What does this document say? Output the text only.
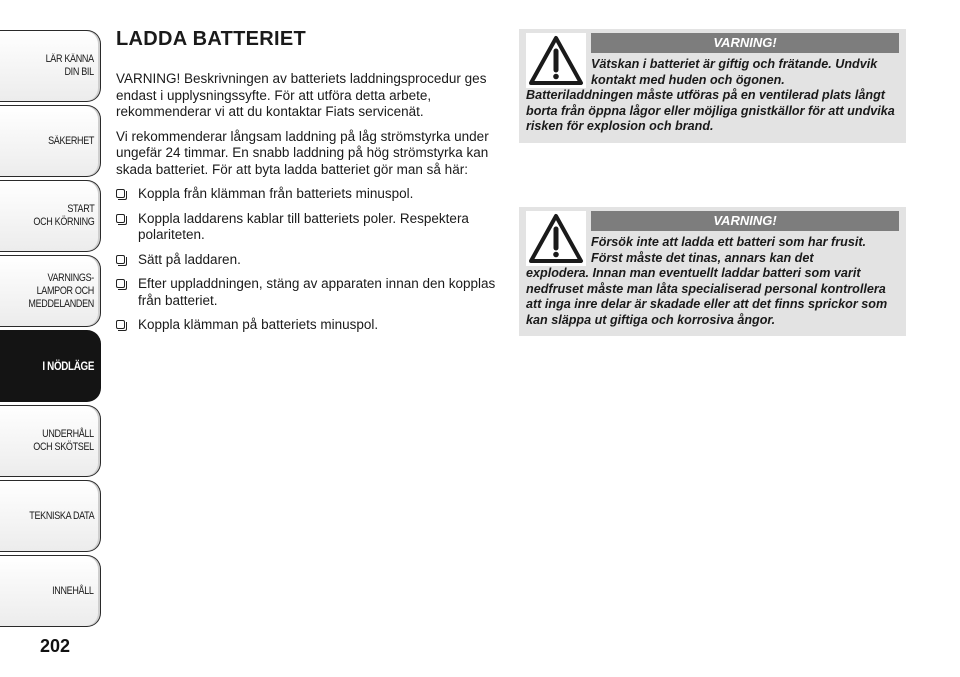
LÄR KÄNNA
DIN BIL
SÄKERHET
START
OCH KÖRNING
VARNINGS-
LAMPOR OCH
MEDDELANDEN
I NÖDLÄGE
UNDERHÅLL
OCH SKÖTSEL
TEKNISKA DATA
INNEHÅLL
202
LADDA BATTERIET

VARNING! Beskrivningen av batteriets laddningsprocedur ges endast i upplysningssyfte. För att utföra detta arbete, rekommenderar vi att du kontaktar Fiats servicenät.

Vi rekommenderar långsam laddning på låg strömstyrka under ungefär 24 timmar. En snabb laddning på hög strömstyrka kan skada batteriet. För att byta ladda batteriet gör man så här:

Koppla från klämman från batteriets minuspol.
Koppla laddarens kablar till batteriets poler. Respektera polariteten.
Sätt på laddaren.
Efter uppladdningen, stäng av apparaten innan den kopplas från batteriet.
Koppla klämman på batteriets minuspol.
VARNING!

Vätskan i batteriet är giftig och frätande. Undvik kontakt med huden och ögonen.
Batteriladdningen måste utföras på en ventilerad plats långt borta från öppna lågor eller möjliga gnistkällor för att undvika risken för explosion och brand.

VARNING!

Försök inte att ladda ett batteri som har frusit. Först måste det tinas, annars kan det
explodera. Innan man eventuellt laddar batteri som varit nedfruset måste man låta specialiserad personal kontrollera att inga inre delar är skadade eller att det finns sprickor som kan släppa ut giftiga och korrosiva ångor.
